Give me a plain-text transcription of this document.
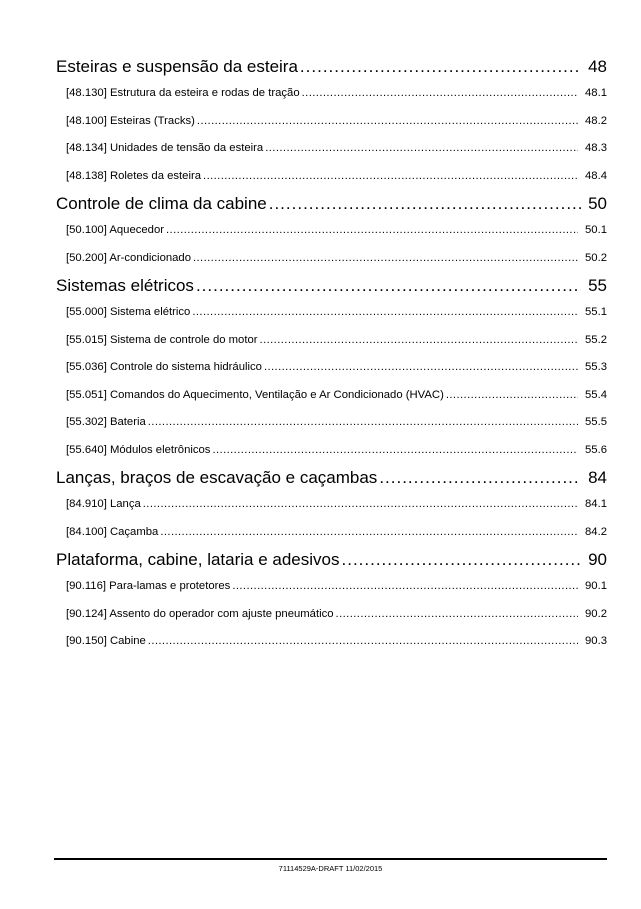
Esteiras e suspensão da esteira .....	48
[48.130] Estrutura da esteira e rodas de tração .....	48.1
[48.100] Esteiras (Tracks) .....	48.2
[48.134] Unidades de tensão da esteira .....	48.3
[48.138] Roletes da esteira .....	48.4
Controle de clima da cabine .....	50
[50.100] Aquecedor .....	50.1
[50.200] Ar-condicionado .....	50.2
Sistemas elétricos .....	55
[55.000] Sistema elétrico .....	55.1
[55.015] Sistema de controle do motor .....	55.2
[55.036] Controle do sistema hidráulico .....	55.3
[55.051] Comandos do Aquecimento, Ventilação e Ar Condicionado (HVAC) .....	55.4
[55.302] Bateria .....	55.5
[55.640] Módulos eletrônicos .....	55.6
Lanças, braços de escavação e caçambas .....	84
[84.910] Lança .....	84.1
[84.100] Caçamba .....	84.2
Plataforma, cabine, lataria e adesivos .....	90
[90.116] Para-lamas e protetores .....	90.1
[90.124] Assento do operador com ajuste pneumático .....	90.2
[90.150] Cabine .....	90.3
71114529A-DRAFT 11/02/2015
